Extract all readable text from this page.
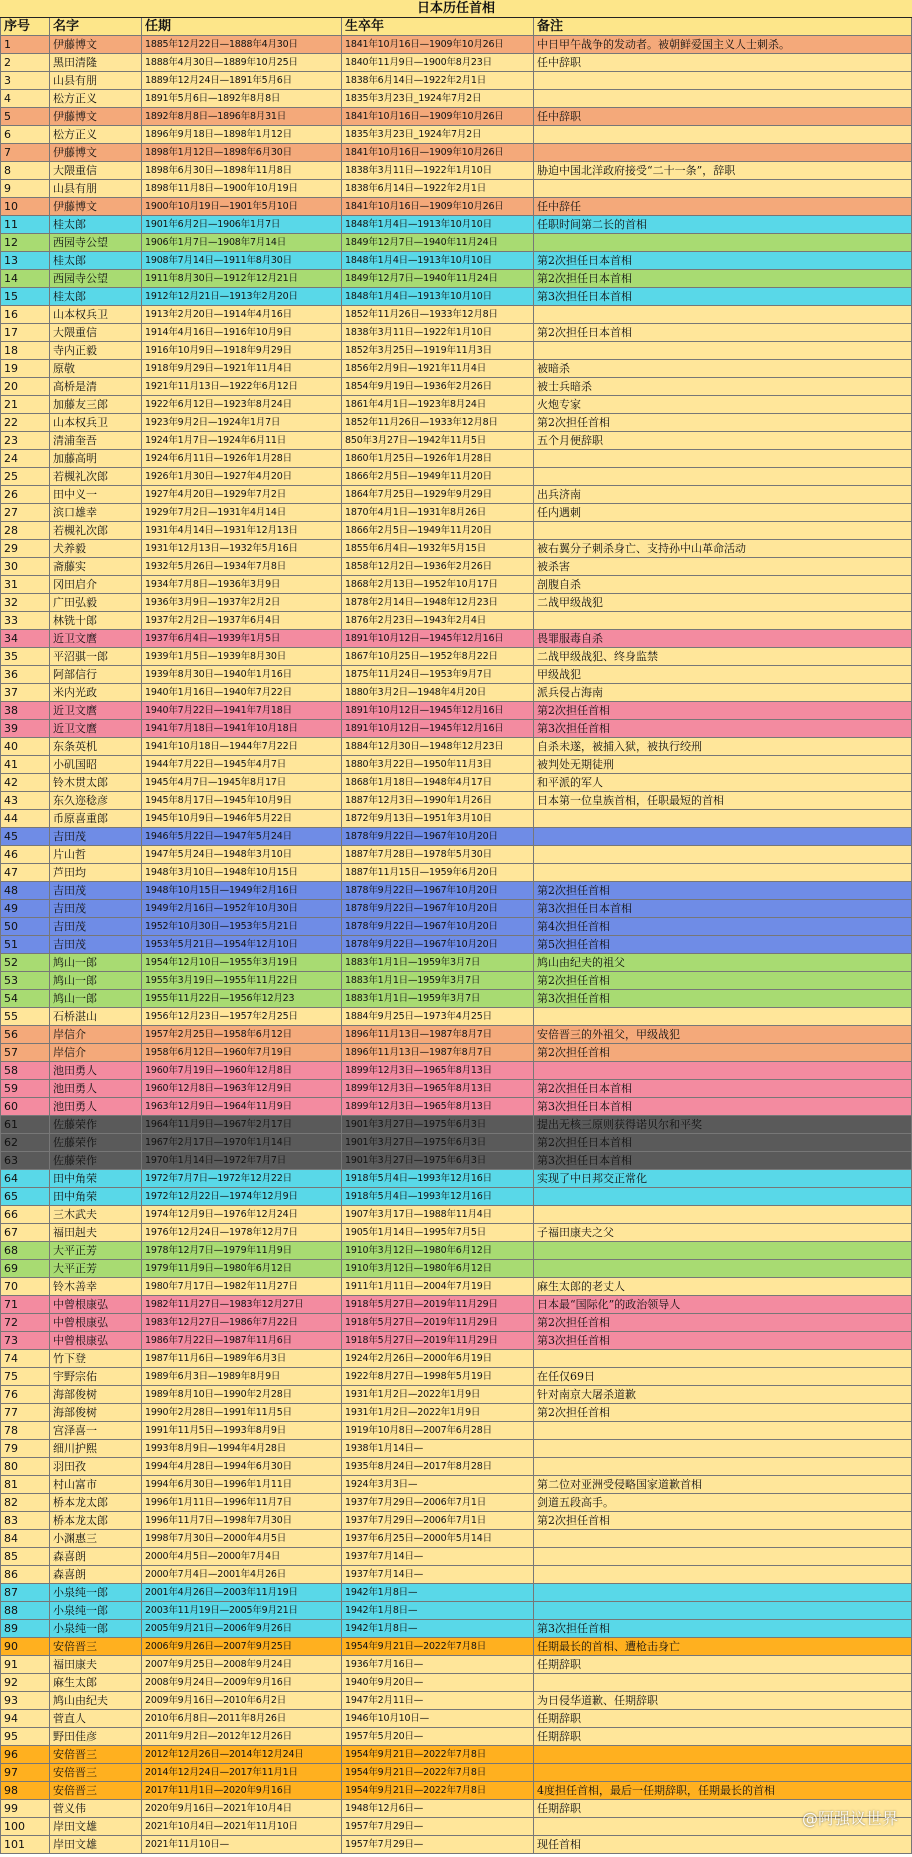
日本历任首相
序号	名字	任期	生卒年	备注
1	伊藤博文	1885年12月22日—1888年4月30日	1841年10月16日—1909年10月26日	中日甲午战争的发动者。被朝鲜爱国主义人士刺杀。
2	黑田清隆	1888年4月30日—1889年10月25日	1840年11月9日—1900年8月23日	任中辞职
3	山县有朋	1889年12月24日—1891年5月6日	1838年6月14日—1922年2月1日
4	松方正义	1891年5月6日—1892年8月8日	1835年3月23日_1924年7月2日
5	伊藤博文	1892年8月8日—1896年8月31日	1841年10月16日—1909年10月26日	任中辞职
6	松方正义	1896年9月18日—1898年1月12日	1835年3月23日_1924年7月2日
7	伊藤博文	1898年1月12日—1898年6月30日	1841年10月16日—1909年10月26日
8	大隈重信	1898年6月30日—1898年11月8日	1838年3月11日—1922年1月10日	胁迫中国北洋政府接受“二十一条”，辞职
9	山县有朋	1898年11月8日—1900年10月19日	1838年6月14日—1922年2月1日
10	伊藤博文	1900年10月19日—1901年5月10日	1841年10月16日—1909年10月26日	任中辞任
11	桂太郎	1901年6月2日—1906年1月7日	1848年1月4日—1913年10月10日	任职时间第二长的首相
12	西园寺公望	1906年1月7日—1908年7月14日	1849年12月7日—1940年11月24日
13	桂太郎	1908年7月14日—1911年8月30日	1848年1月4日—1913年10月10日	第2次担任日本首相
14	西园寺公望	1911年8月30日—1912年12月21日	1849年12月7日—1940年11月24日	第2次担任日本首相
15	桂太郎	1912年12月21日—1913年2月20日	1848年1月4日—1913年10月10日	第3次担任日本首相
16	山本权兵卫	1913年2月20日—1914年4月16日	1852年11月26日—1933年12月8日
17	大隈重信	1914年4月16日—1916年10月9日	1838年3月11日—1922年1月10日	第2次担任日本首相
18	寺内正毅	1916年10月9日—1918年9月29日	1852年3月25日—1919年11月3日
19	原敬	1918年9月29日—1921年11月4日	1856年2月9日—1921年11月4日	被暗杀
20	高桥是清	1921年11月13日—1922年6月12日	1854年9月19日—1936年2月26日	被士兵暗杀
21	加藤友三郎	1922年6月12日—1923年8月24日	1861年4月1日—1923年8月24日	火炮专家
22	山本权兵卫	1923年9月2日—1924年1月7日	1852年11月26日—1933年12月8日	第2次担任首相
23	清浦奎吾	1924年1月7日—1924年6月11日	850年3月27日—1942年11月5日	五个月便辞职
24	加藤高明	1924年6月11日—1926年1月28日	1860年1月25日—1926年1月28日
25	若槻礼次郎	1926年1月30日—1927年4月20日	1866年2月5日—1949年11月20日
26	田中义一	1927年4月20日—1929年7月2日	1864年7月25日—1929年9月29日	出兵济南
27	滨口雄幸	1929年7月2日—1931年4月14日	1870年4月1日—1931年8月26日	任内遇刺
28	若槻礼次郎	1931年4月14日—1931年12月13日	1866年2月5日—1949年11月20日
29	犬养毅	1931年12月13日—1932年5月16日	1855年6月4日—1932年5月15日	被右翼分子刺杀身亡、支持孙中山革命活动
30	斋藤实	1932年5月26日—1934年7月8日	1858年12月2日—1936年2月26日	被杀害
31	冈田启介	1934年7月8日—1936年3月9日	1868年2月13日—1952年10月17日	剖腹自杀
32	广田弘毅	1936年3月9日—1937年2月2日	1878年2月14日—1948年12月23日	二战甲级战犯
33	林铣十郎	1937年2月2日—1937年6月4日	1876年2月23日—1943年2月4日
34	近卫文麿	1937年6月4日—1939年1月5日	1891年10月12日—1945年12月16日	畏罪服毒自杀
35	平沼骐一郎	1939年1月5日—1939年8月30日	1867年10月25日—1952年8月22日	二战甲级战犯、终身监禁
36	阿部信行	1939年8月30日—1940年1月16日	1875年11月24日—1953年9月7日	甲级战犯
37	米内光政	1940年1月16日—1940年7月22日	1880年3月2日—1948年4月20日	派兵侵占海南
38	近卫文麿	1940年7月22日—1941年7月18日	1891年10月12日—1945年12月16日	第2次担任首相
39	近卫文麿	1941年7月18日—1941年10月18日	1891年10月12日—1945年12月16日	第3次担任首相
40	东条英机	1941年10月18日—1944年7月22日	1884年12月30日—1948年12月23日	自杀未遂，被捕入狱，被执行绞刑
41	小矶国昭	1944年7月22日—1945年4月7日	1880年3月22日—1950年11月3日	被判处无期徒刑
42	铃木贯太郎	1945年4月7日—1945年8月17日	1868年1月18日—1948年4月17日	和平派的军人
43	东久迩稔彦	1945年8月17日—1945年10月9日	1887年12月3日—1990年1月26日	日本第一位皇族首相，任职最短的首相
44	币原喜重郎	1945年10月9日—1946年5月22日	1872年9月13日—1951年3月10日
45	吉田茂	1946年5月22日—1947年5月24日	1878年9月22日—1967年10月20日
46	片山哲	1947年5月24日—1948年3月10日	1887年7月28日—1978年5月30日
47	芦田均	1948年3月10日—1948年10月15日	1887年11月15日—1959年6月20日
48	吉田茂	1948年10月15日—1949年2月16日	1878年9月22日—1967年10月20日	第2次担任首相
49	吉田茂	1949年2月16日—1952年10月30日	1878年9月22日—1967年10月20日	第3次担任日本首相
50	吉田茂	1952年10月30日—1953年5月21日	1878年9月22日—1967年10月20日	第4次担任首相
51	吉田茂	1953年5月21日—1954年12月10日	1878年9月22日—1967年10月20日	第5次担任首相
52	鸠山一郎	1954年12月10日—1955年3月19日	1883年1月1日—1959年3月7日	鸠山由纪夫的祖父
53	鸠山一郎	1955年3月19日—1955年11月22日	1883年1月1日—1959年3月7日	第2次担任首相
54	鸠山一郎	1955年11月22日—1956年12月23	1883年1月1日—1959年3月7日	第3次担任首相
55	石桥湛山	1956年12月23日—1957年2月25日	1884年9月25日—1973年4月25日
56	岸信介	1957年2月25日—1958年6月12日	1896年11月13日—1987年8月7日	安倍晋三的外祖父，甲级战犯
57	岸信介	1958年6月12日—1960年7月19日	1896年11月13日—1987年8月7日	第2次担任首相
58	池田勇人	1960年7月19日—1960年12月8日	1899年12月3日—1965年8月13日
59	池田勇人	1960年12月8日—1963年12月9日	1899年12月3日—1965年8月13日	第2次担任日本首相
60	池田勇人	1963年12月9日—1964年11月9日	1899年12月3日—1965年8月13日	第3次担任日本首相
61	佐藤荣作	1964年11月9日—1967年2月17日	1901年3月27日—1975年6月3日	提出无核三原则获得诺贝尔和平奖
62	佐藤荣作	1967年2月17日—1970年1月14日	1901年3月27日—1975年6月3日	第2次担任日本首相
63	佐藤荣作	1970年1月14日—1972年7月7日	1901年3月27日—1975年6月3日	第3次担任日本首相
64	田中角荣	1972年7月7日—1972年12月22日	1918年5月4日—1993年12月16日	实现了中日邦交正常化
65	田中角荣	1972年12月22日—1974年12月9日	1918年5月4日—1993年12月16日
66	三木武夫	1974年12月9日—1976年12月24日	1907年3月17日—1988年11月4日
67	福田赳夫	1976年12月24日—1978年12月7日	1905年1月14日—1995年7月5日	子福田康夫之父
68	大平正芳	1978年12月7日—1979年11月9日	1910年3月12日—1980年6月12日
69	大平正芳	1979年11月9日—1980年6月12日	1910年3月12日—1980年6月12日
70	铃木善幸	1980年7月17日—1982年11月27日	1911年1月11日—2004年7月19日	麻生太郎的老丈人
71	中曾根康弘	1982年11月27日—1983年12月27日	1918年5月27日—2019年11月29日	日本最“国际化”的政治领导人
72	中曾根康弘	1983年12月27日—1986年7月22日	1918年5月27日—2019年11月29日	第2次担任首相
73	中曾根康弘	1986年7月22日—1987年11月6日	1918年5月27日—2019年11月29日	第3次担任首相
74	竹下登	1987年11月6日—1989年6月3日	1924年2月26日—2000年6月19日
75	宇野宗佑	1989年6月3日—1989年8月9日	1922年8月27日—1998年5月19日	在任仅69日
76	海部俊树	1989年8月10日—1990年2月28日	1931年1月2日—2022年1月9日	针对南京大屠杀道歉
77	海部俊树	1990年2月28日—1991年11月5日	1931年1月2日—2022年1月9日	第2次担任首相
78	宫泽喜一	1991年11月5日—1993年8月9日	1919年10月8日—2007年6月28日
79	细川护熙	1993年8月9日—1994年4月28日	1938年1月14日—
80	羽田孜	1994年4月28日—1994年6月30日	1935年8月24日—2017年8月28日
81	村山富市	1994年6月30日—1996年1月11日	1924年3月3日—	第二位对亚洲受侵略国家道歉首相
82	桥本龙太郎	1996年1月11日—1996年11月7日	1937年7月29日—2006年7月1日	剑道五段高手。
83	桥本龙太郎	1996年11月7日—1998年7月30日	1937年7月29日—2006年7月1日	第2次担任首相
84	小渊惠三	1998年7月30日—2000年4月5日	1937年6月25日—2000年5月14日
85	森喜朗	2000年4月5日—2000年7月4日	1937年7月14日—
86	森喜朗	2000年7月4日—2001年4月26日	1937年7月14日—
87	小泉纯一郎	2001年4月26日—2003年11月19日	1942年1月8日—
88	小泉纯一郎	2003年11月19日—2005年9月21日	1942年1月8日—
89	小泉纯一郎	2005年9月21日—2006年9月26日	1942年1月8日—	第3次担任首相
90	安倍晋三	2006年9月26日—2007年9月25日	1954年9月21日—2022年7月8日	任期最长的首相、遭枪击身亡
91	福田康夫	2007年9月25日—2008年9月24日	1936年7月16日—	任期辞职
92	麻生太郎	2008年9月24日—2009年9月16日	1940年9月20日—
93	鸠山由纪夫	2009年9月16日—2010年6月2日	1947年2月11日—	为日侵华道歉、任期辞职
94	菅直人	2010年6月8日—2011年8月26日	1946年10月10日—	任期辞职
95	野田佳彦	2011年9月2日—2012年12月26日	1957年5月20日—	任期辞职
96	安倍晋三	2012年12月26日—2014年12月24日	1954年9月21日—2022年7月8日
97	安倍晋三	2014年12月24日—2017年11月1日	1954年9月21日—2022年7月8日
98	安倍晋三	2017年11月1日—2020年9月16日	1954年9月21日—2022年7月8日	4度担任首相，最后一任期辞职，任期最长的首相
99	菅义伟	2020年9月16日—2021年10月4日	1948年12月6日—	任期辞职
100	岸田文雄	2021年10月4日—2021年11月10日	1957年7月29日—
101	岸田文雄	2021年11月10日—	1957年7月29日—	现任首相
@阿强议世界
